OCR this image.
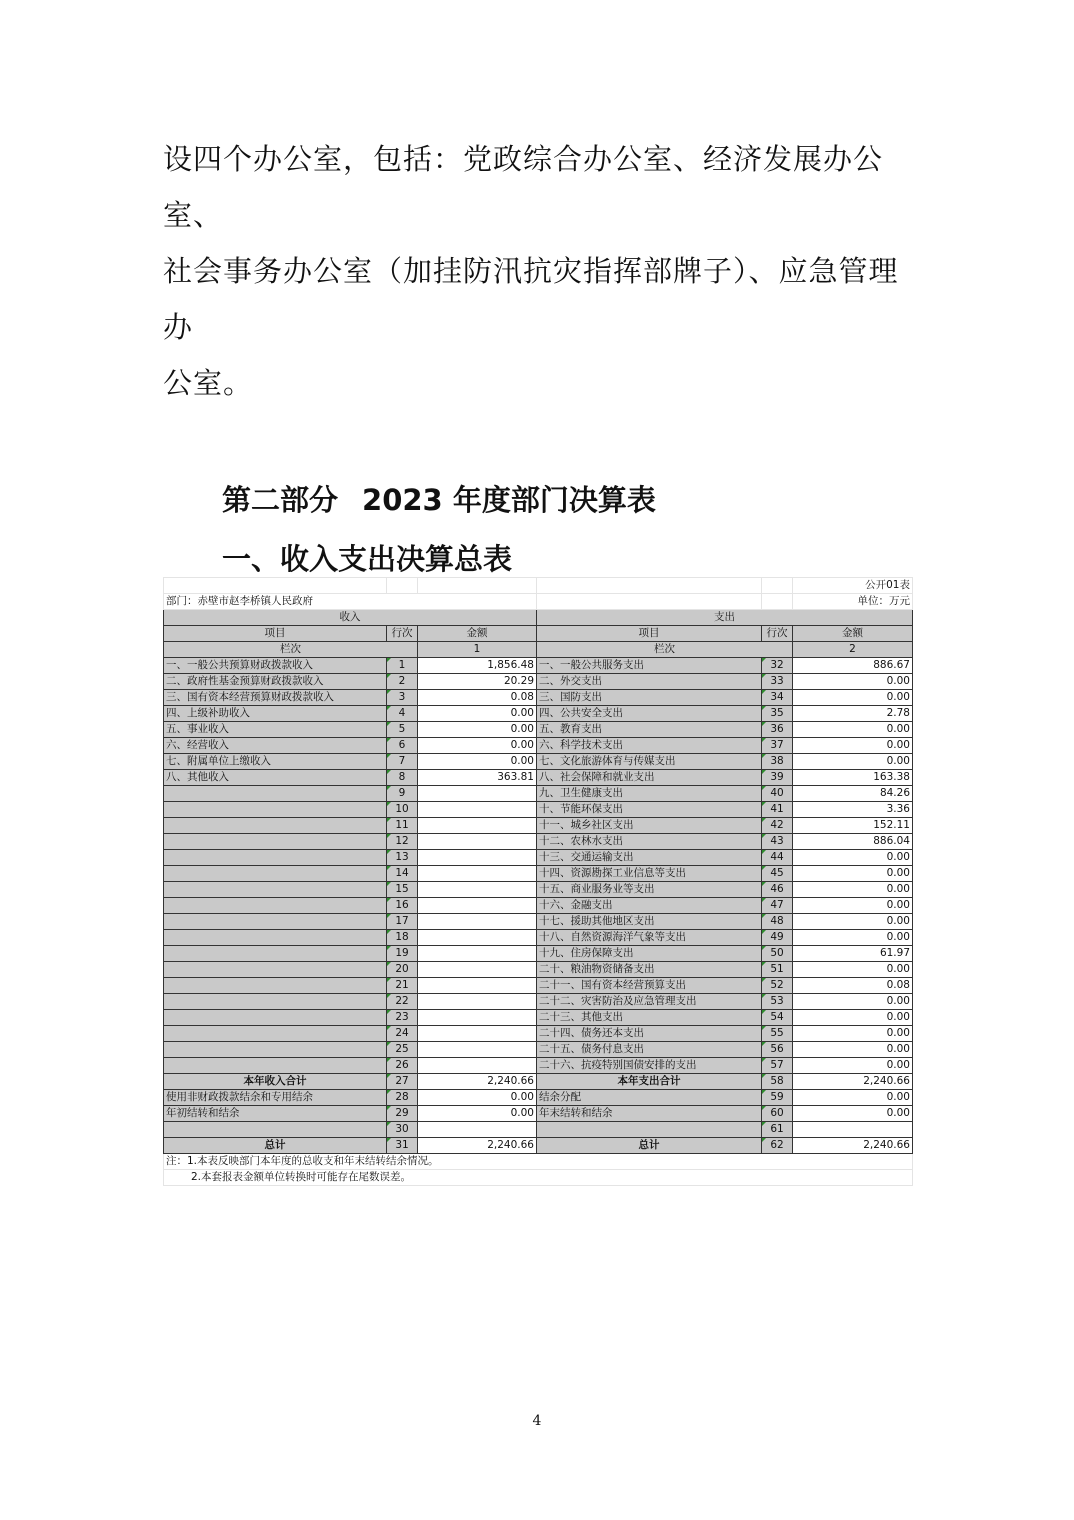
设四个办公室，包括：党政综合办公室、经济发展办公室、

社会事务办公室（加挂防汛抗灾指挥部牌子）、应急管理办

公室。

第二部分 2023 年度部门决算表
一、收入支出决算总表
					公开01表
部门：赤壁市赵李桥镇人民政府					单位：万元
收入			支出		
项目	行次	金额	项目	行次	金额
栏次		1	栏次		2
一、一般公共预算财政拨款收入	1	1,856.48	一、一般公共服务支出	32	886.67
二、政府性基金预算财政拨款收入	2	20.29	二、外交支出	33	0.00
三、国有资本经营预算财政拨款收入	3	0.08	三、国防支出	34	0.00
四、上级补助收入	4	0.00	四、公共安全支出	35	2.78
五、事业收入	5	0.00	五、教育支出	36	0.00
六、经营收入	6	0.00	六、科学技术支出	37	0.00
七、附属单位上缴收入	7	0.00	七、文化旅游体育与传媒支出	38	0.00
八、其他收入	8	363.81	八、社会保障和就业支出	39	163.38
	9		九、卫生健康支出	40	84.26
	10		十、节能环保支出	41	3.36
	11		十一、城乡社区支出	42	152.11
	12		十二、农林水支出	43	886.04
	13		十三、交通运输支出	44	0.00
	14		十四、资源勘探工业信息等支出	45	0.00
	15		十五、商业服务业等支出	46	0.00
	16		十六、金融支出	47	0.00
	17		十七、援助其他地区支出	48	0.00
	18		十八、自然资源海洋气象等支出	49	0.00
	19		十九、住房保障支出	50	61.97
	20		二十、粮油物资储备支出	51	0.00
	21		二十一、国有资本经营预算支出	52	0.08
	22		二十二、灾害防治及应急管理支出	53	0.00
	23		二十三、其他支出	54	0.00
	24		二十四、债务还本支出	55	0.00
	25		二十五、债务付息支出	56	0.00
	26		二十六、抗疫特别国债安排的支出	57	0.00
本年收入合计	27	2,240.66	本年支出合计	58	2,240.66
使用非财政拨款结余和专用结余	28	0.00	结余分配	59	0.00
年初结转和结余	29	0.00	年末结转和结余	60	0.00
	30			61	
总计	31	2,240.66	总计	62	2,240.66
注：1.本表反映部门本年度的总收支和年末结转结余情况。					
2.本套报表金额单位转换时可能存在尾数误差。					
4
